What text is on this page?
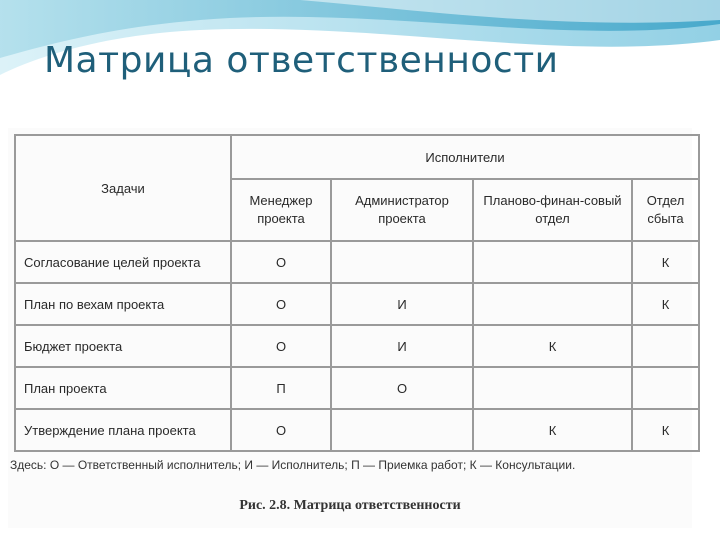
Матрица ответственности
Задачи	Исполнители			
	Менеджер проекта	Администратор проекта	Планово-финан-совый отдел	Отдел сбыта
Согласование целей проекта	О			К
План по вехам проекта	О	И		К
Бюджет проекта	О	И	К	
План проекта	П	О		
Утверждение плана проекта	О		К	К
Здесь: О — Ответственный исполнитель; И — Исполнитель; П — Приемка работ; К — Консультации.
Рис. 2.8. Матрица ответственности
